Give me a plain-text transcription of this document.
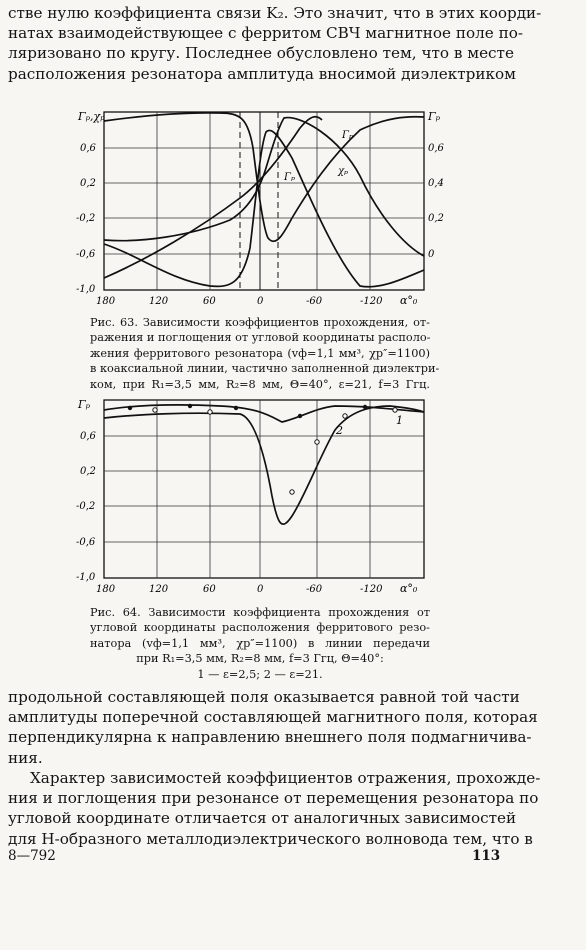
стве нулю коэффициента связи K₂. Это значит, что в этих коорди-
натах взаимодействующее с ферритом СВЧ магнитное поле по-
ляризовано по кругу. Последнее обусловлено тем, что в месте
расположения резонатора амплитуда вносимой диэлектриком
Γₚ,χₚ	Γₚ
0,6
0,2
-0,2
-0,6
-1,0
0,6
0,4
0,2
0
180	120	60	0	-60	-120 α°₀
Γₚ
Γₚ
χₚ
Рис. 63. Зависимости коэффициентов прохождения, от-
ражения и поглощения от угловой координаты располо-
жения ферритового резонатора (vф=1,1 мм³, χр″=1100)
в коаксиальной линии, частично заполненной диэлектри-
ком, при R₁=3,5 мм, R₂=8 мм, Θ=40°, ε=21, f=3 Ггц.
Γₚ
0,6
0,2
-0,2
-0,6
-1,0
180	120	60	0	-60	-120 α°₀
1
2
Рис. 64. Зависимости коэффициента прохождения от
угловой координаты расположения ферритового резо-
натора (vф=1,1 мм³, χр″=1100) в линии передачи
при R₁=3,5 мм, R₂=8 мм, f=3 Ггц, Θ=40°:
1 — ε=2,5; 2 — ε=21.
продольной составляющей поля оказывается равной той части
амплитуды поперечной составляющей магнитного поля, которая
перпендикулярна к направлению внешнего поля подмагничива-
ния.
Характер зависимостей коэффициентов отражения, прохожде-
ния и поглощения при резонансе от перемещения резонатора по
угловой координате отличается от аналогичных зависимостей
для Н-образного металлодиэлектрического волновода тем, что в
8—792	113
